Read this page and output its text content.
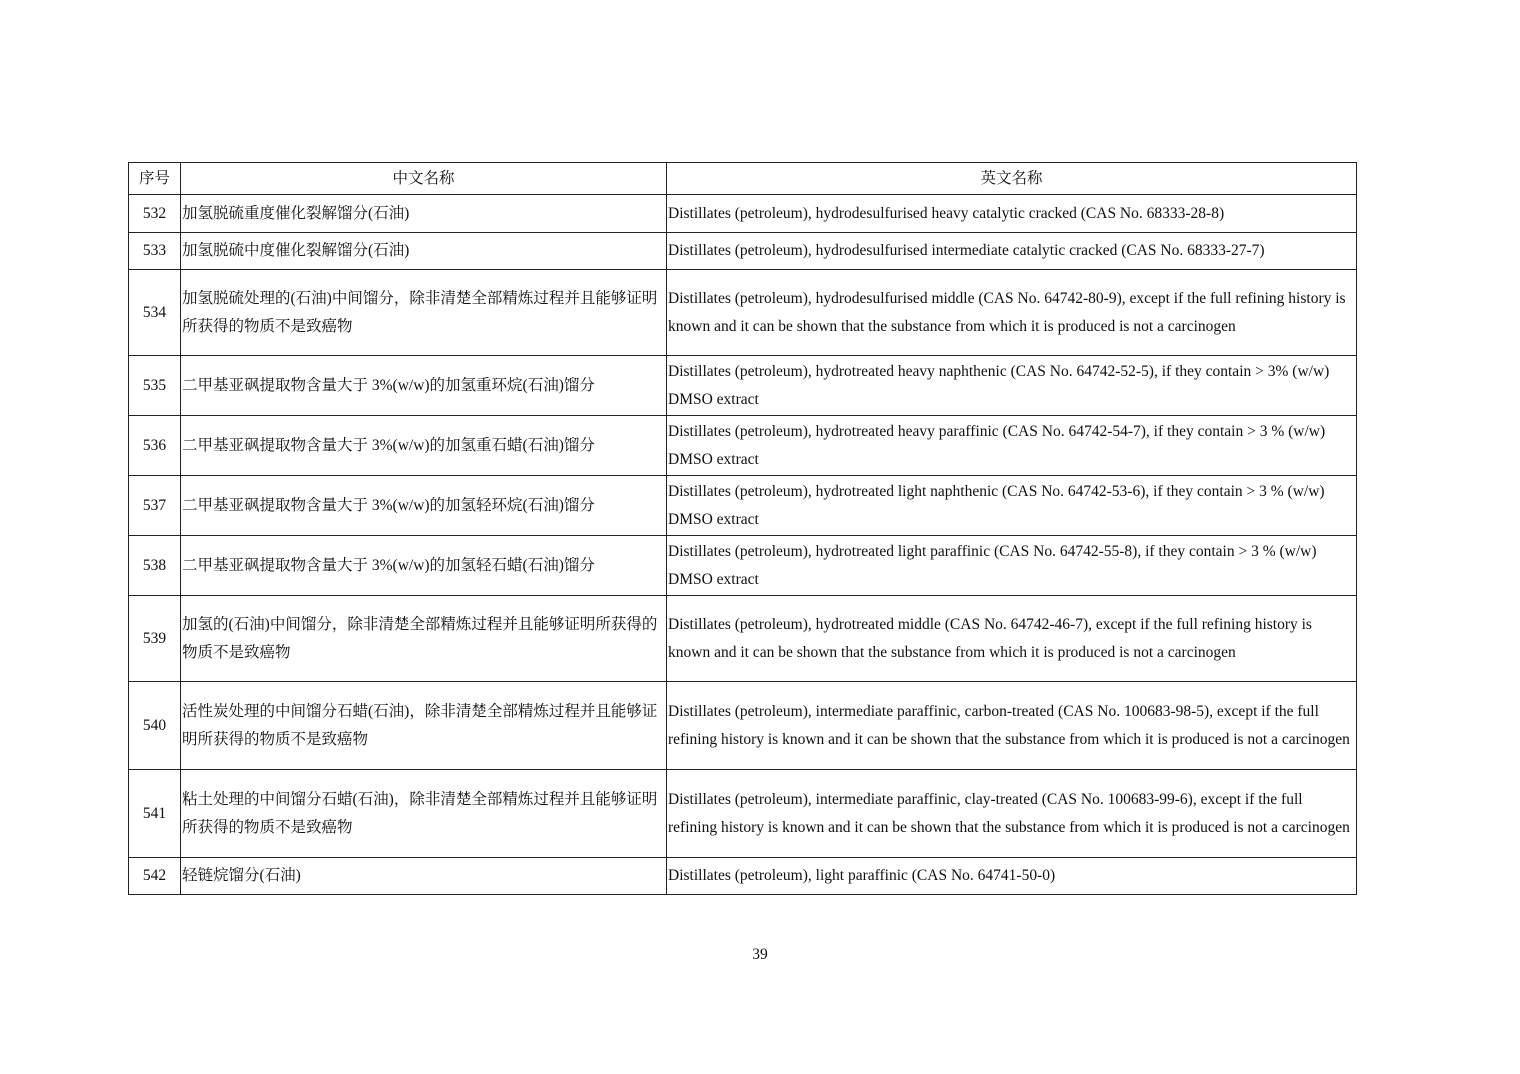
序号	中文名称	英文名称
532	加氢脱硫重度催化裂解馏分(石油)	Distillates (petroleum), hydrodesulfurised heavy catalytic cracked (CAS No. 68333-28-8)
533	加氢脱硫中度催化裂解馏分(石油)	Distillates (petroleum), hydrodesulfurised intermediate catalytic cracked (CAS No. 68333-27-7)
534	加氢脱硫处理的(石油)中间馏分，除非清楚全部精炼过程并且能够证明所获得的物质不是致癌物	Distillates (petroleum), hydrodesulfurised middle (CAS No. 64742-80-9), except if the full refining history is known and it can be shown that the substance from which it is produced is not a carcinogen
535	二甲基亚砜提取物含量大于 3%(w/w)的加氢重环烷(石油)馏分	Distillates (petroleum), hydrotreated heavy naphthenic (CAS No. 64742-52-5), if they contain > 3% (w/w) DMSO extract
536	二甲基亚砜提取物含量大于 3%(w/w)的加氢重石蜡(石油)馏分	Distillates (petroleum), hydrotreated heavy paraffinic (CAS No. 64742-54-7), if they contain > 3 % (w/w) DMSO extract
537	二甲基亚砜提取物含量大于 3%(w/w)的加氢轻环烷(石油)馏分	Distillates (petroleum), hydrotreated light naphthenic (CAS No. 64742-53-6), if they contain > 3 % (w/w) DMSO extract
538	二甲基亚砜提取物含量大于 3%(w/w)的加氢轻石蜡(石油)馏分	Distillates (petroleum), hydrotreated light paraffinic (CAS No. 64742-55-8), if they contain > 3 % (w/w) DMSO extract
539	加氢的(石油)中间馏分，除非清楚全部精炼过程并且能够证明所获得的物质不是致癌物	Distillates (petroleum), hydrotreated middle (CAS No. 64742-46-7), except if the full refining history is known and it can be shown that the substance from which it is produced is not a carcinogen
540	活性炭处理的中间馏分石蜡(石油)，除非清楚全部精炼过程并且能够证明所获得的物质不是致癌物	Distillates (petroleum), intermediate paraffinic, carbon-treated (CAS No. 100683-98-5), except if the full refining history is known and it can be shown that the substance from which it is produced is not a carcinogen
541	粘土处理的中间馏分石蜡(石油)，除非清楚全部精炼过程并且能够证明所获得的物质不是致癌物	Distillates (petroleum), intermediate paraffinic, clay-treated (CAS No. 100683-99-6), except if the full refining history is known and it can be shown that the substance from which it is produced is not a carcinogen
542	轻链烷馏分(石油)	Distillates (petroleum), light paraffinic (CAS No. 64741-50-0)
39
